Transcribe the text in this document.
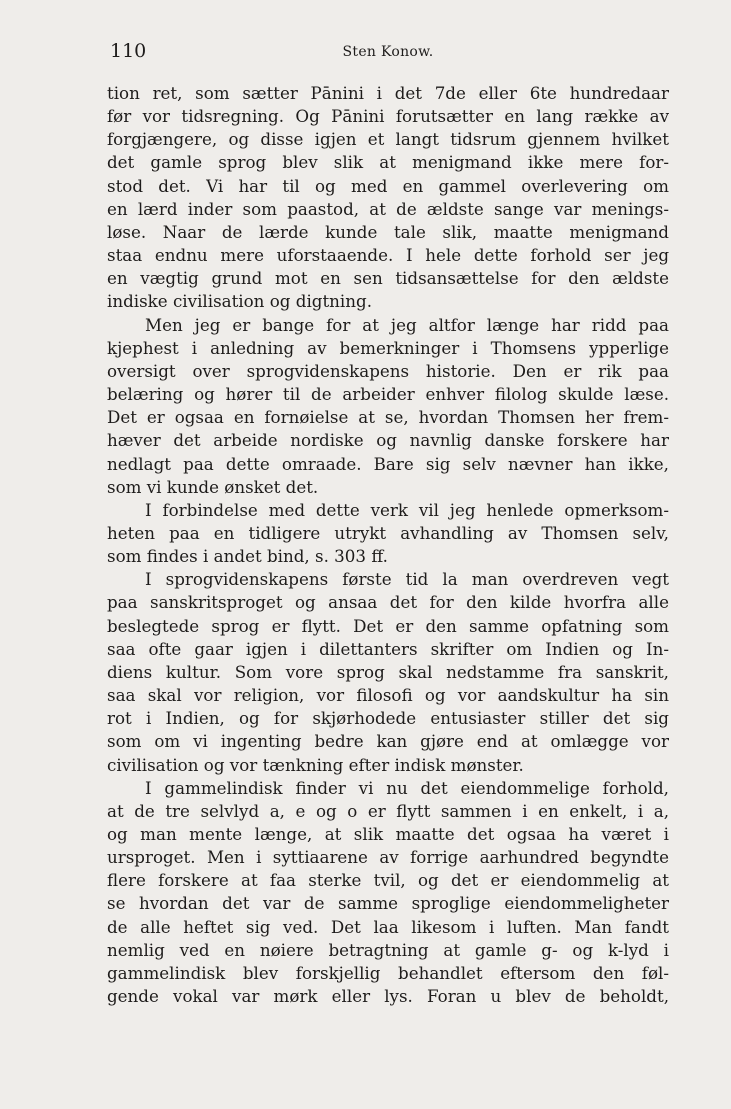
110	Sten Konow.

tion ret, som sætter Pānini i det 7de eller 6te hundredaar

før vor tidsregning. Og Pānini forutsætter en lang række av

forgjængere, og disse igjen et langt tidsrum gjennem hvilket

det gamle sprog blev slik at menigmand ikke mere for-

stod det. Vi har til og med en gammel overlevering om

en lærd inder som paastod, at de ældste sange var menings-

løse. Naar de lærde kunde tale slik, maatte menigmand

staa endnu mere uforstaaende. I hele dette forhold ser jeg

en vægtig grund mot en sen tidsansættelse for den ældste

indiske civilisation og digtning.

Men jeg er bange for at jeg altfor længe har ridd paa

kjephest i anledning av bemerkninger i Thomsens ypperlige

oversigt over sprogvidenskapens historie. Den er rik paa

belæring og hører til de arbeider enhver filolog skulde læse.

Det er ogsaa en fornøielse at se, hvordan Thomsen her frem-

hæver det arbeide nordiske og navnlig danske forskere har

nedlagt paa dette omraade. Bare sig selv nævner han ikke,

som vi kunde ønsket det.

I forbindelse med dette verk vil jeg henlede opmerksom-

heten paa en tidligere utrykt avhandling av Thomsen selv,

som findes i andet bind, s. 303 ff.

I sprogvidenskapens første tid la man overdreven vegt

paa sanskritsproget og ansaa det for den kilde hvorfra alle

beslegtede sprog er flytt. Det er den samme opfatning som

saa ofte gaar igjen i dilettanters skrifter om Indien og In-

diens kultur. Som vore sprog skal nedstamme fra sanskrit,

saa skal vor religion, vor filosofi og vor aandskultur ha sin

rot i Indien, og for skjørhodede entusiaster stiller det sig

som om vi ingenting bedre kan gjøre end at omlægge vor

civilisation og vor tænkning efter indisk mønster.

I gammelindisk finder vi nu det eiendommelige forhold,

at de tre selvlyd a, e og o er flytt sammen i en enkelt, i a,

og man mente længe, at slik maatte det ogsaa ha været i

ursproget. Men i syttiaarene av forrige aarhundred begyndte

flere forskere at faa sterke tvil, og det er eiendommelig at

se hvordan det var de samme sproglige eiendommeligheter

de alle heftet sig ved. Det laa likesom i luften. Man fandt

nemlig ved en nøiere betragtning at gamle g- og k-lyd i

gammelindisk blev forskjellig behandlet eftersom den føl-

gende vokal var mørk eller lys. Foran u blev de beholdt,
